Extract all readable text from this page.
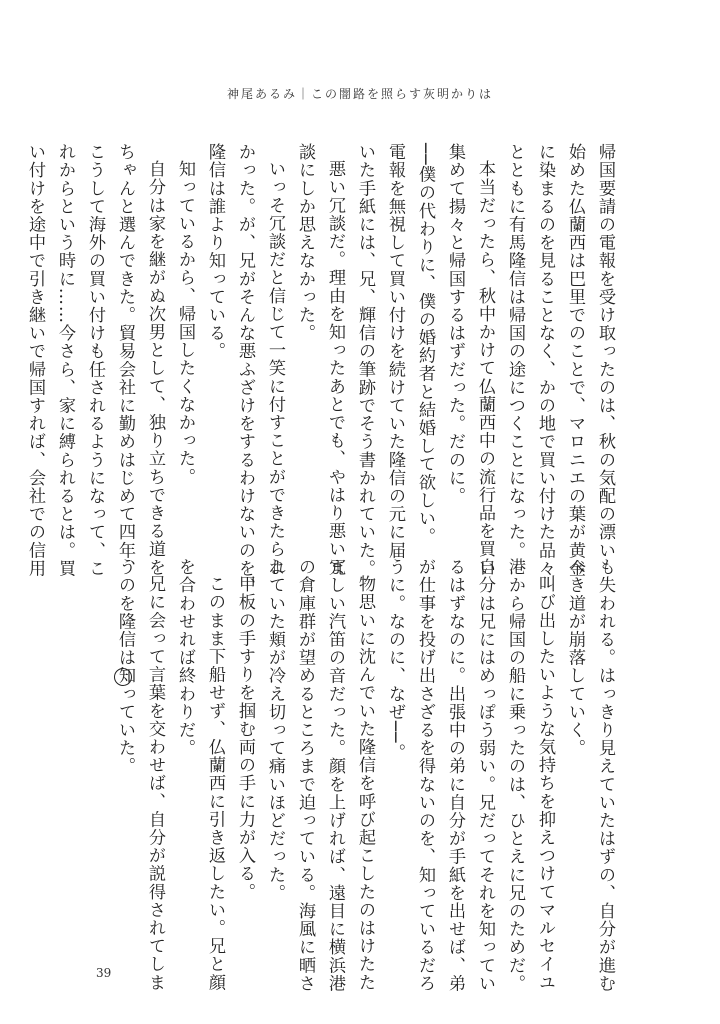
神尾あるみ｜この闇路を照らす灰明かりは

帰国要請の電報を受け取ったのは、秋の気配の漂い

始めた仏蘭西は巴里でのことで、マロニエの葉が黄金

に染まるのを見ることなく、かの地で買い付けた品々

とともに有馬隆信は帰国の途につくことになった。

本当だったら、秋中かけて仏蘭西中の流行品を買い

集めて揚々と帰国するはずだった。だのに。

──僕の代わりに、僕の婚約者と結婚して欲しい。

電報を無視して買い付けを続けていた隆信の元に届

いた手紙には、兄、輝信の筆跡でそう書かれていた。

悪い冗談だ。理由を知ったあとでも、やはり悪い冗

談にしか思えなかった。

いっそ冗談だと信じて一笑に付すことができたらよ

かった。が、兄がそんな悪ふざけをするわけないのを、

隆信は誰より知っている。

知っているから、帰国したくなかった。

自分は家を継がぬ次男として、独り立ちできる道を

ちゃんと選んできた。貿易会社に勤めはじめて四年、

こうして海外の買い付けも任されるようになって、こ

れからという時に……今さら、家に縛られるとは。買

い付けを途中で引き継いで帰国すれば、会社での信用

も失われる。はっきり見えていたはずの、自分が進む

べき道が崩落していく。

叫び出したいような気持ちを抑えつけてマルセイユ

港から帰国の船に乗ったのは、ひとえに兄のためだ。

自分は兄にはめっぽう弱い。兄だってそれを知ってい

るはずなのに。出張中の弟に自分が手紙を出せば、弟

が仕事を投げ出さざるを得ないのを、知っているだろ

うに。なのに、なぜ──。

物思いに沈んでいた隆信を呼び起こしたのはけたた

ましい汽笛の音だった。顔を上げれば、遠目に横浜港

の倉庫群が望めるところまで迫っている。海風に晒さ

れていた頬が冷え切って痛いほどだった。

甲板の手すりを掴む両の手に力が入る。

このまま下船せず、仏蘭西に引き返したい。兄と顔

を合わせれば終わりだ。

兄に会って言葉を交わせば、自分が説得されてしま

うのを隆信は知っていた。

39
